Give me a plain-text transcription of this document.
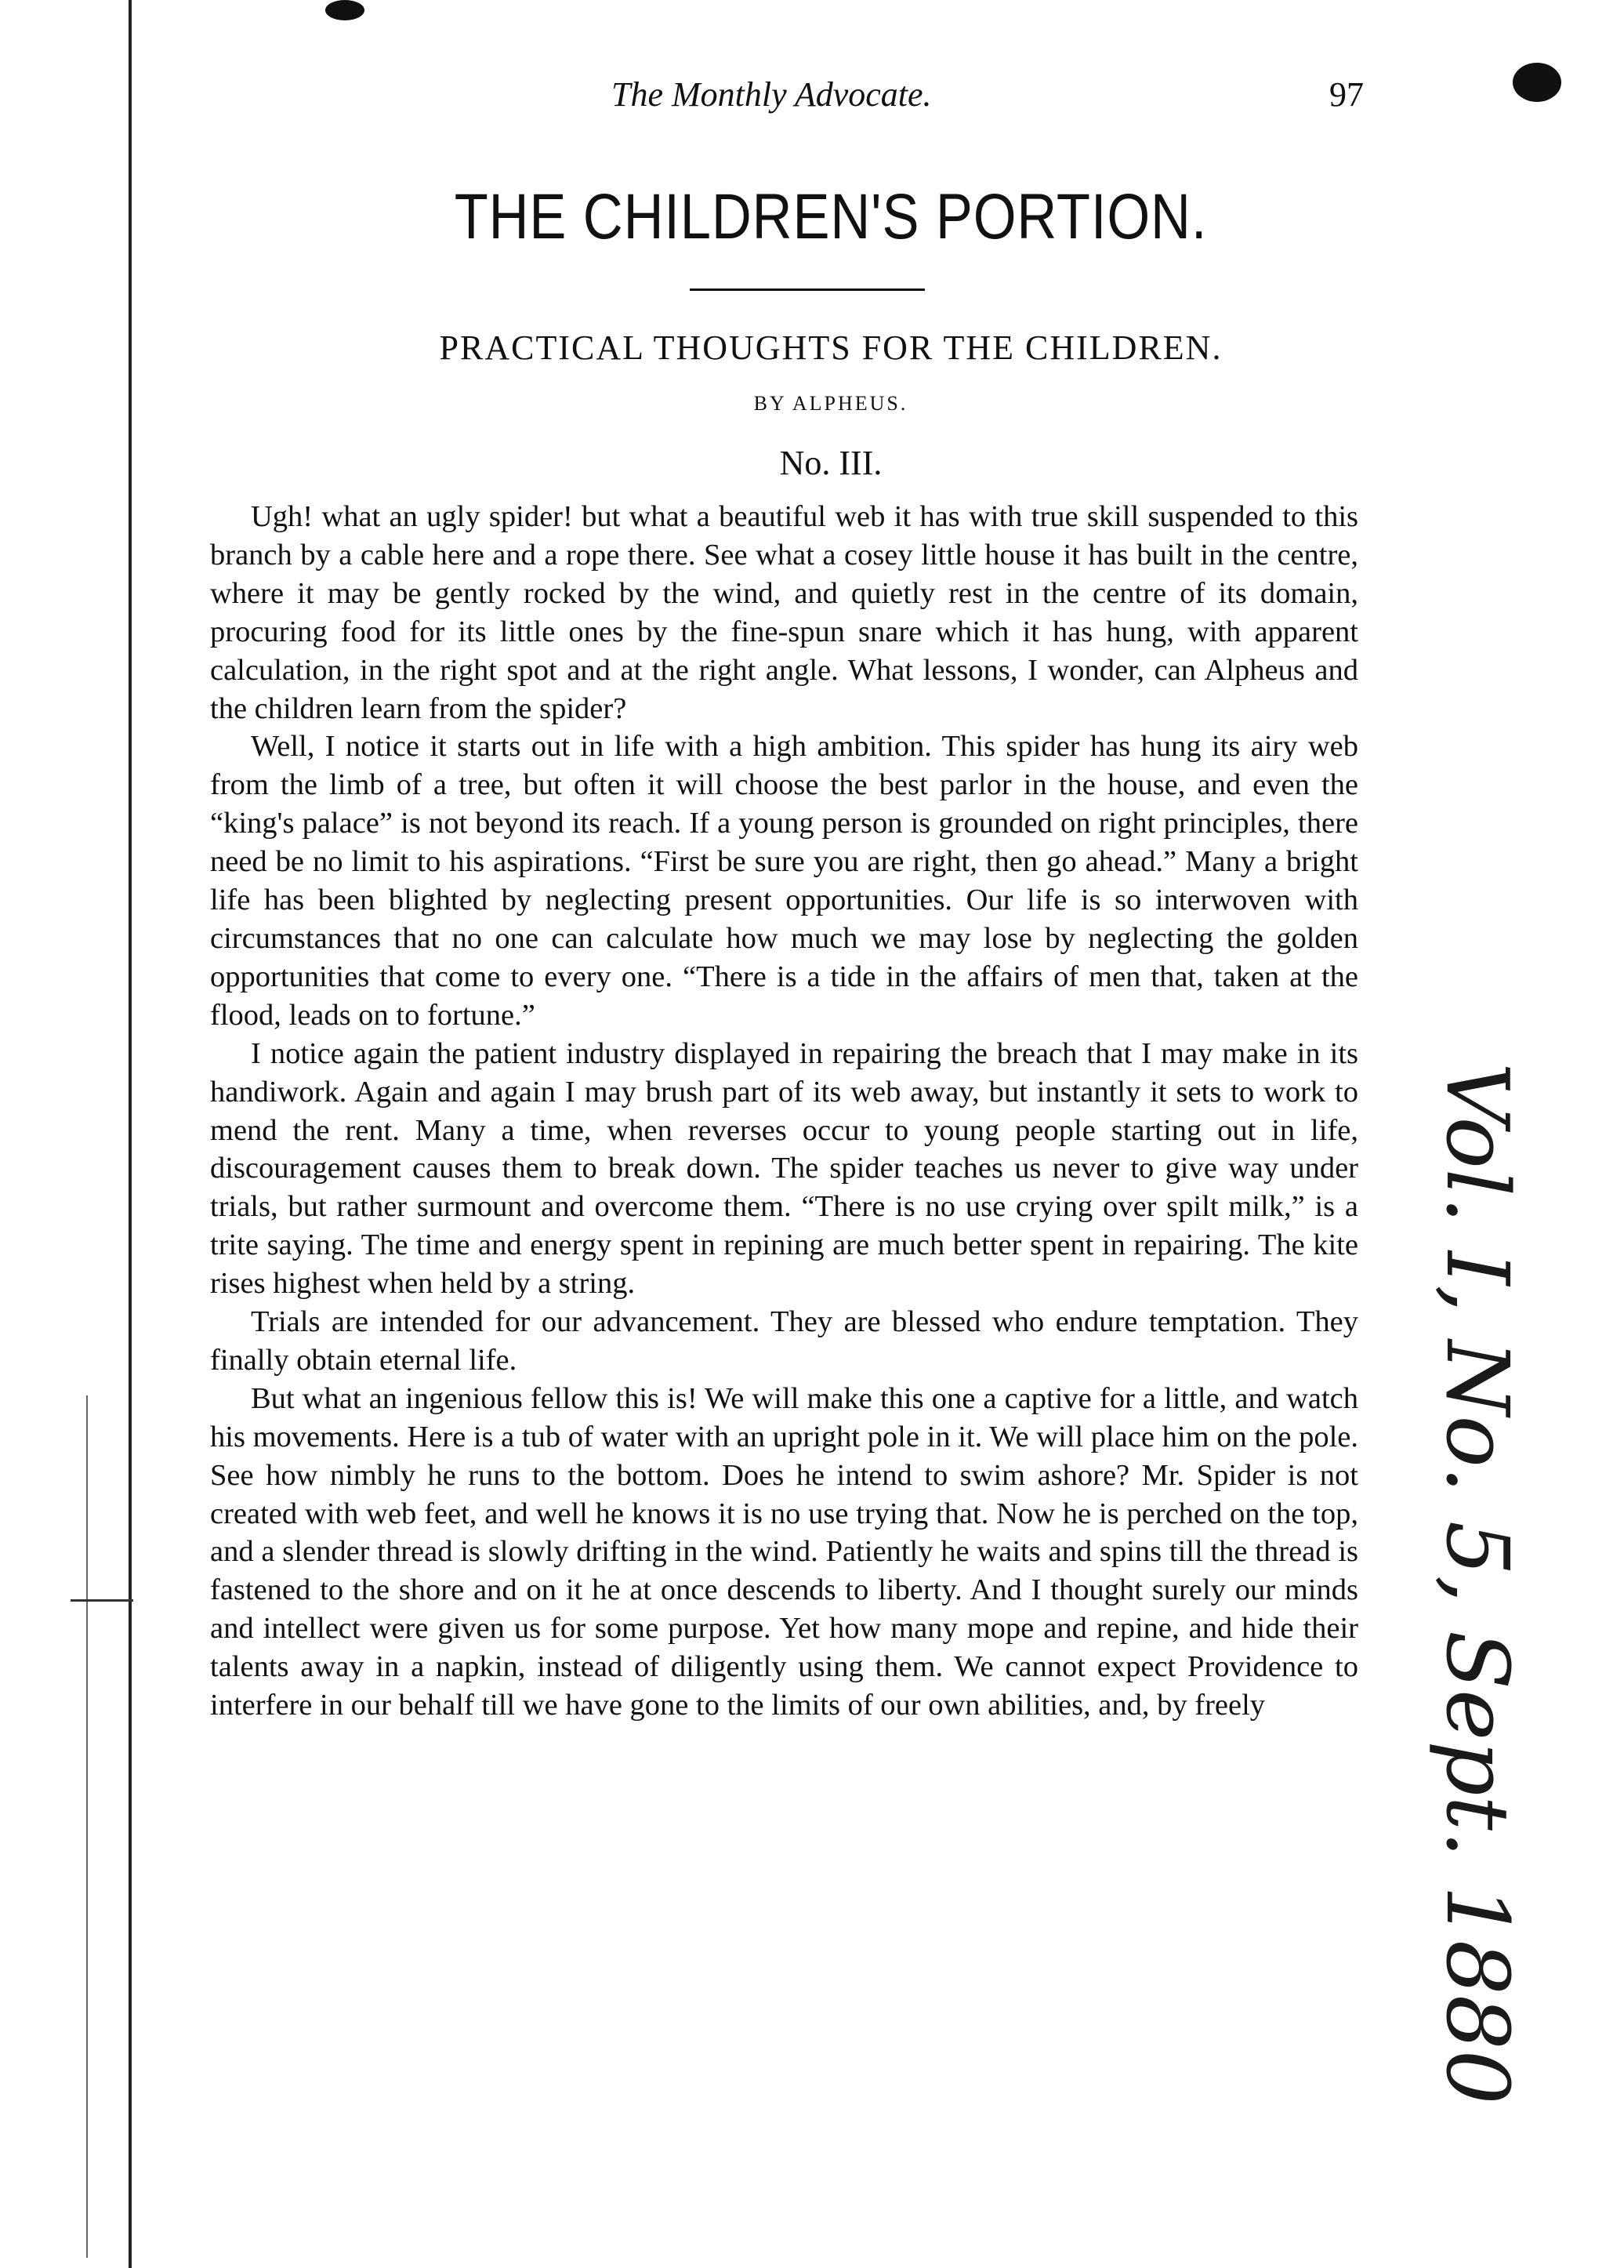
The Monthly Advocate.	97
THE CHILDREN'S PORTION.
PRACTICAL THOUGHTS FOR THE CHILDREN.
BY ALPHEUS.
No. III.

Ugh! what an ugly spider! but what a beautiful web it has with true skill suspended to this branch by a cable here and a rope there. See what a cosey little house it has built in the centre, where it may be gently rocked by the wind, and quietly rest in the centre of its domain, procuring food for its little ones by the fine-spun snare which it has hung, with apparent calculation, in the right spot and at the right angle. What lessons, I wonder, can Alpheus and the children learn from the spider?

Well, I notice it starts out in life with a high ambition. This spider has hung its airy web from the limb of a tree, but often it will choose the best parlor in the house, and even the “king's palace” is not beyond its reach. If a young person is grounded on right principles, there need be no limit to his aspirations. “First be sure you are right, then go ahead.” Many a bright life has been blighted by neglecting present opportunities. Our life is so interwoven with circumstances that no one can calculate how much we may lose by neglecting the golden opportunities that come to every one. “There is a tide in the affairs of men that, taken at the flood, leads on to fortune.”

I notice again the patient industry displayed in repairing the breach that I may make in its handiwork. Again and again I may brush part of its web away, but instantly it sets to work to mend the rent. Many a time, when reverses occur to young people starting out in life, discouragement causes them to break down. The spider teaches us never to give way under trials, but rather surmount and overcome them. “There is no use crying over spilt milk,” is a trite saying. The time and energy spent in repining are much better spent in repairing. The kite rises highest when held by a string.

Trials are intended for our advancement. They are blessed who endure temptation. They finally obtain eternal life.

But what an ingenious fellow this is! We will make this one a captive for a little, and watch his movements. Here is a tub of water with an upright pole in it. We will place him on the pole. See how nimbly he runs to the bottom. Does he intend to swim ashore? Mr. Spider is not created with web feet, and well he knows it is no use trying that. Now he is perched on the top, and a slender thread is slowly drifting in the wind. Patiently he waits and spins till the thread is fastened to the shore and on it he at once descends to liberty. And I thought surely our minds and intellect were given us for some purpose. Yet how many mope and repine, and hide their talents away in a napkin, instead of diligently using them. We cannot expect Providence to interfere in our behalf till we have gone to the limits of our own abilities, and, by freely	Vol. I, No. 5, Sept. 1880
